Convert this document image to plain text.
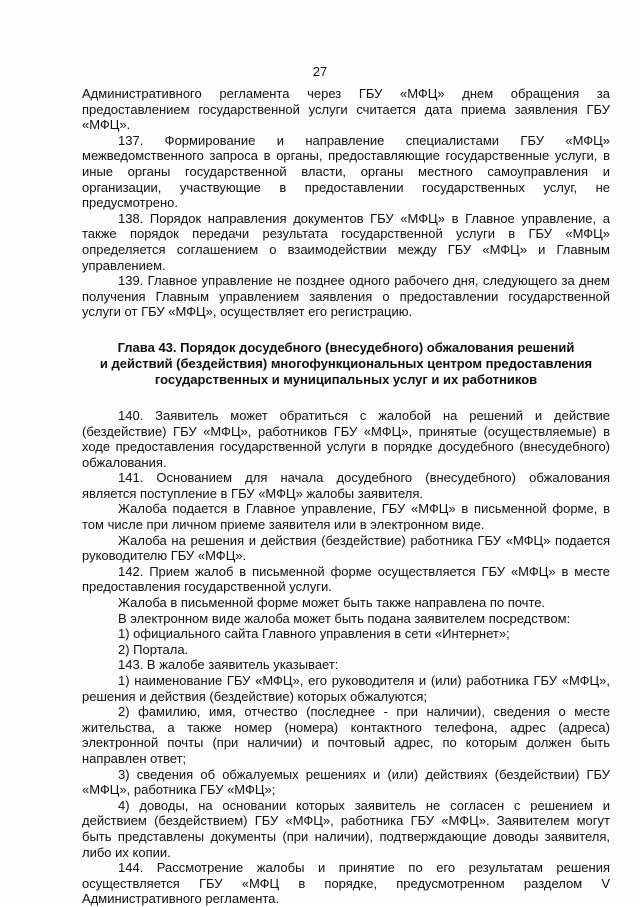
27

Административного регламента через ГБУ «МФЦ» днем обращения за предоставлением государственной услуги считается дата приема заявления ГБУ «МФЦ».

137. Формирование и направление специалистами ГБУ «МФЦ» межведомственного запроса в органы, предоставляющие государственные услуги, в иные органы государственной власти, органы местного самоуправления и организации, участвующие в предоставлении государственных услуг, не предусмотрено.

138. Порядок направления документов ГБУ «МФЦ» в Главное управление, а также порядок передачи результата государственной услуги в ГБУ «МФЦ» определяется соглашением о взаимодействии между ГБУ «МФЦ» и Главным управлением.

139. Главное управление не позднее одного рабочего дня, следующего за днем получения Главным управлением заявления о предоставлении государственной услуги от ГБУ «МФЦ», осуществляет его регистрацию.

Глава 43. Порядок досудебного (внесудебного) обжалования решений
и действий (бездействия) многофункциональных центром предоставления
государственных и муниципальных услуг и их работников

140. Заявитель может обратиться с жалобой на решений и действие (бездействие) ГБУ «МФЦ», работников ГБУ «МФЦ», принятые (осуществляемые) в ходе предоставления государственной услуги в порядке досудебного (внесудебного) обжалования.

141. Основанием для начала досудебного (внесудебного) обжалования является поступление в ГБУ «МФЦ» жалобы заявителя.

Жалоба подается в Главное управление, ГБУ «МФЦ» в письменной форме, в том числе при личном приеме заявителя или в электронном виде.

Жалоба на решения и действия (бездействие) работника ГБУ «МФЦ» подается руководителю ГБУ «МФЦ».

142. Прием жалоб в письменной форме осуществляется ГБУ «МФЦ» в месте предоставления государственной услуги.

Жалоба в письменной форме может быть также направлена по почте.

В электронном виде жалоба может быть подана заявителем посредством:

1) официального сайта Главного управления в сети «Интернет»;

2) Портала.

143. В жалобе заявитель указывает:

1) наименование ГБУ «МФЦ», его руководителя и (или) работника ГБУ «МФЦ», решения и действия (бездействие) которых обжалуются;

2) фамилию, имя, отчество (последнее - при наличии), сведения о месте жительства, а также номер (номера) контактного телефона, адрес (адреса) электронной почты (при наличии) и почтовый адрес, по которым должен быть направлен ответ;

3) сведения об обжалуемых решениях и (или) действиях (бездействии) ГБУ «МФЦ», работника ГБУ «МФЦ»;

4) доводы, на основании которых заявитель не согласен с решением и действием (бездействием) ГБУ «МФЦ», работника ГБУ «МФЦ». Заявителем могут быть представлены документы (при наличии), подтверждающие доводы заявителя, либо их копии.

144. Рассмотрение жалобы и принятие по его результатам решения осуществляется ГБУ «МФЦ в порядке, предусмотренном разделом V Административного регламента.
